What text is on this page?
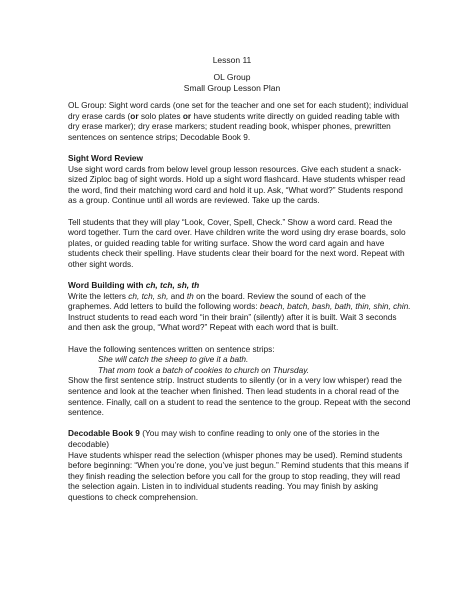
Lesson 11
OL Group
Small Group Lesson Plan

OL Group: Sight word cards (one set for the teacher and one set for each student); individual dry erase cards (or solo plates or have students write directly on guided reading table with dry erase marker); dry erase markers; student reading book, whisper phones, prewritten sentences on sentence strips; Decodable Book 9.

Sight Word Review

Use sight word cards from below level group lesson resources. Give each student a snack-sized Ziploc bag of sight words. Hold up a sight word flashcard. Have students whisper read the word, find their matching word card and hold it up. Ask, “What word?” Students respond as a group. Continue until all words are reviewed. Take up the cards.

Tell students that they will play “Look, Cover, Spell, Check.” Show a word card. Read the word together. Turn the card over. Have children write the word using dry erase boards, solo plates, or guided reading table for writing surface. Show the word card again and have students check their spelling. Have students clear their board for the next word. Repeat with other sight words.

Word Building with ch, tch, sh, th

Write the letters ch, tch, sh, and th on the board. Review the sound of each of the graphemes. Add letters to build the following words: beach, batch, bash, bath, thin, shin, chin. Instruct students to read each word “in their brain” (silently) after it is built. Wait 3 seconds and then ask the group, “What word?” Repeat with each word that is built.

Have the following sentences written on sentence strips:
She will catch the sheep to give it a bath.
That mom took a batch of cookies to church on Thursday.

Show the first sentence strip. Instruct students to silently (or in a very low whisper) read the sentence and look at the teacher when finished. Then lead students in a choral read of the sentence. Finally, call on a student to read the sentence to the group. Repeat with the second sentence.

Decodable Book 9 (You may wish to confine reading to only one of the stories in the decodable)

Have students whisper read the selection (whisper phones may be used). Remind students before beginning: “When you’re done, you’ve just begun.” Remind students that this means if they finish reading the selection before you call for the group to stop reading, they will read the selection again. Listen in to individual students reading. You may finish by asking questions to check comprehension.
